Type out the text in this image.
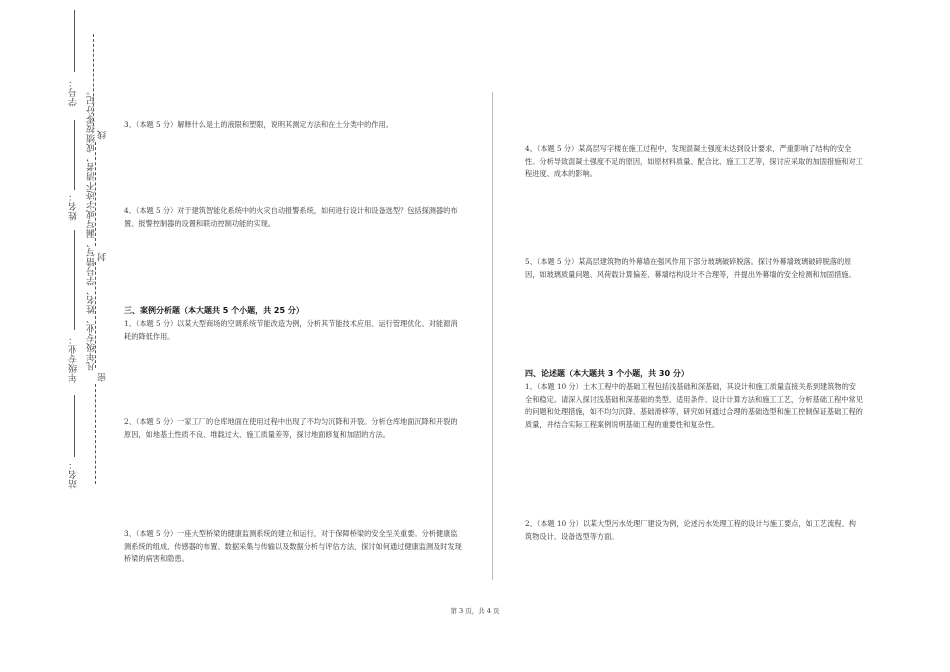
学号：
姓名：
年级专业：
站名：
凡年级专业、姓名、学号错写、漏写或字迹不清者，成绩按零分记。 线
封
密
3、（本题 5 分）解释什么是土的液限和塑限，说明其测定方法和在土分类中的作用。
4、（本题 5 分）对于建筑智能化系统中的火灾自动报警系统，如何进行设计和设备选型？包括探测器的布置、报警控制器的设置和联动控制功能的实现。
三、案例分析题（本大题共 5 个小题，共 25 分）
1、（本题 5 分）以某大型商场的空调系统节能改造为例，分析其节能技术应用、运行管理优化、对能源消耗的降低作用。
2、（本题 5 分）一家工厂的仓库地面在使用过程中出现了不均匀沉降和开裂。分析仓库地面沉降和开裂的原因，如地基土性质不良、堆载过大、施工质量差等，探讨地面修复和加固的方法。
3、（本题 5 分）一座大型桥梁的健康监测系统的建立和运行，对于保障桥梁的安全至关重要。分析健康监测系统的组成、传感器的布置、数据采集与传输以及数据分析与评估方法，探讨如何通过健康监测及时发现桥梁的病害和隐患。
4、（本题 5 分）某高层写字楼在施工过程中，发现混凝土强度未达到设计要求，严重影响了结构的安全性。分析导致混凝土强度不足的原因，如原材料质量、配合比、施工工艺等，探讨应采取的加固措施和对工程进度、成本的影响。
5、（本题 5 分）某高层建筑物的外幕墙在强风作用下部分玻璃破碎脱落。探讨外幕墙玻璃破碎脱落的原因，如玻璃质量问题、风荷载计算偏差、幕墙结构设计不合理等，并提出外幕墙的安全检测和加固措施。
四、论述题（本大题共 3 个小题，共 30 分）
1、（本题 10 分）土木工程中的基础工程包括浅基础和深基础，其设计和施工质量直接关系到建筑物的安全和稳定。请深入探讨浅基础和深基础的类型、适用条件、设计计算方法和施工工艺，分析基础工程中常见的问题和处理措施，如不均匀沉降、基础滑移等，研究如何通过合理的基础选型和施工控制保证基础工程的质量，并结合实际工程案例说明基础工程的重要性和复杂性。
2、（本题 10 分）以某大型污水处理厂建设为例，论述污水处理工程的设计与施工要点，如工艺流程、构筑物设计、设备选型等方面。
第 3 页，共 4 页
